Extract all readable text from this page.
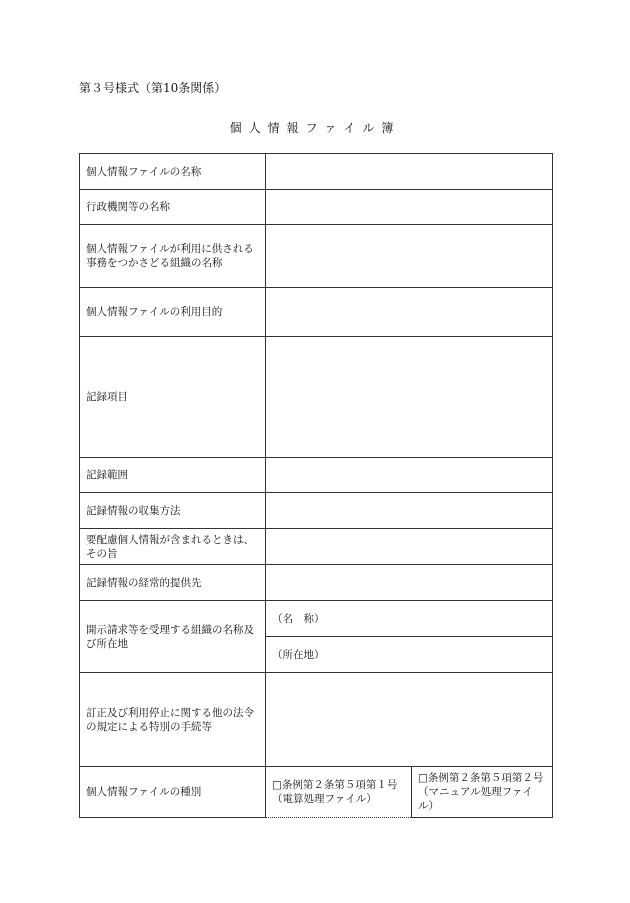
第３号様式（第10条関係）
個人情報ファイル簿
個人情報ファイルの名称		
行政機関等の名称		
個人情報ファイルが利用に供される事務をつかさどる組織の名称		
個人情報ファイルの利用目的		
記録項目		
記録範囲		
記録情報の収集方法		
要配慮個人情報が含まれるときは、その旨		
記録情報の経常的提供先		
開示請求等を受理する組織の名称及び所在地	（名　称）	
	（所在地）	
訂正及び利用停止に関する他の法令の規定による特別の手続等		
個人情報ファイルの種別	□条例第２条第５項第１号（電算処理ファイル）	□条例第２条第５項第２号（マニュアル処理ファイル）
